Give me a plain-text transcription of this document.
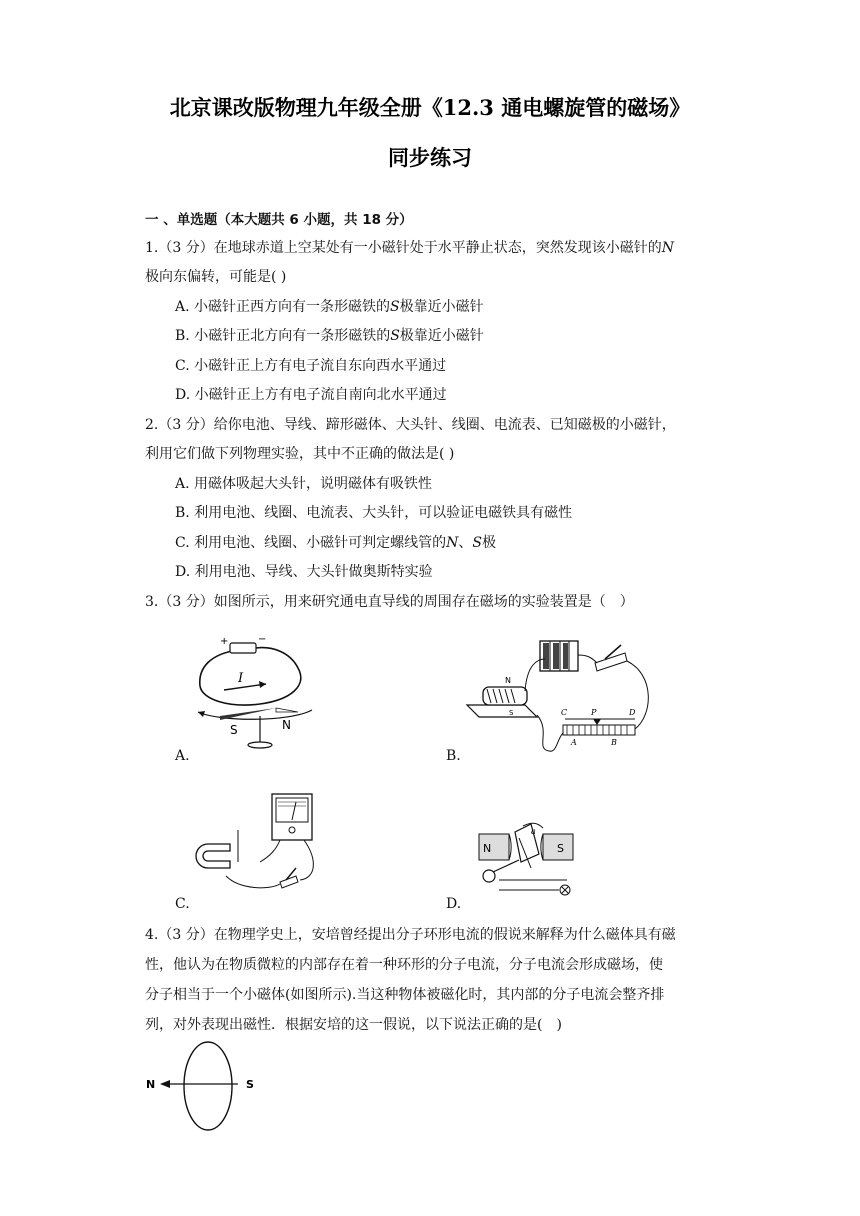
北京课改版物理九年级全册《12.3 通电螺旋管的磁场》
同步练习
一 、单选题（本大题共 6 小题，共 18 分）
1.（3 分）在地球赤道上空某处有一小磁针处于水平静止状态，突然发现该小磁针的𝑁
极向东偏转，可能是( )
A. 小磁针正西方向有一条形磁铁的𝑆极靠近小磁针
B. 小磁针正北方向有一条形磁铁的𝑆极靠近小磁针
C. 小磁针正上方有电子流自东向西水平通过
D. 小磁针正上方有电子流自南向北水平通过
2.（3 分）给你电池、导线、蹄形磁体、大头针、线圈、电流表、已知磁极的小磁针，
利用它们做下列物理实验，其中不正确的做法是( )
A. 用磁体吸起大头针，说明磁体有吸铁性
B. 利用电池、线圈、电流表、大头针，可以验证电磁铁具有磁性
C. 利用电池、线圈、小磁针可判定螺线管的𝑁、𝑆极
D. 利用电池、导线、大头针做奥斯特实验
3.（3 分）如图所示，用来研究通电直导线的周围存在磁场的实验装置是（　）
+	−
I
S	N
A.
N
S	C	P	D
A	B
B.
C.
N	S
a
D.
4.（3 分）在物理学史上，安培曾经提出分子环形电流的假说来解释为什么磁体具有磁
性，他认为在物质微粒的内部存在着一种环形的分子电流，分子电流会形成磁场，使
分子相当于一个小磁体(如图所示).当这种物体被磁化时，其内部的分子电流会整齐排
列，对外表现出磁性．根据安培的这一假说，以下说法正确的是(　)
N	S
